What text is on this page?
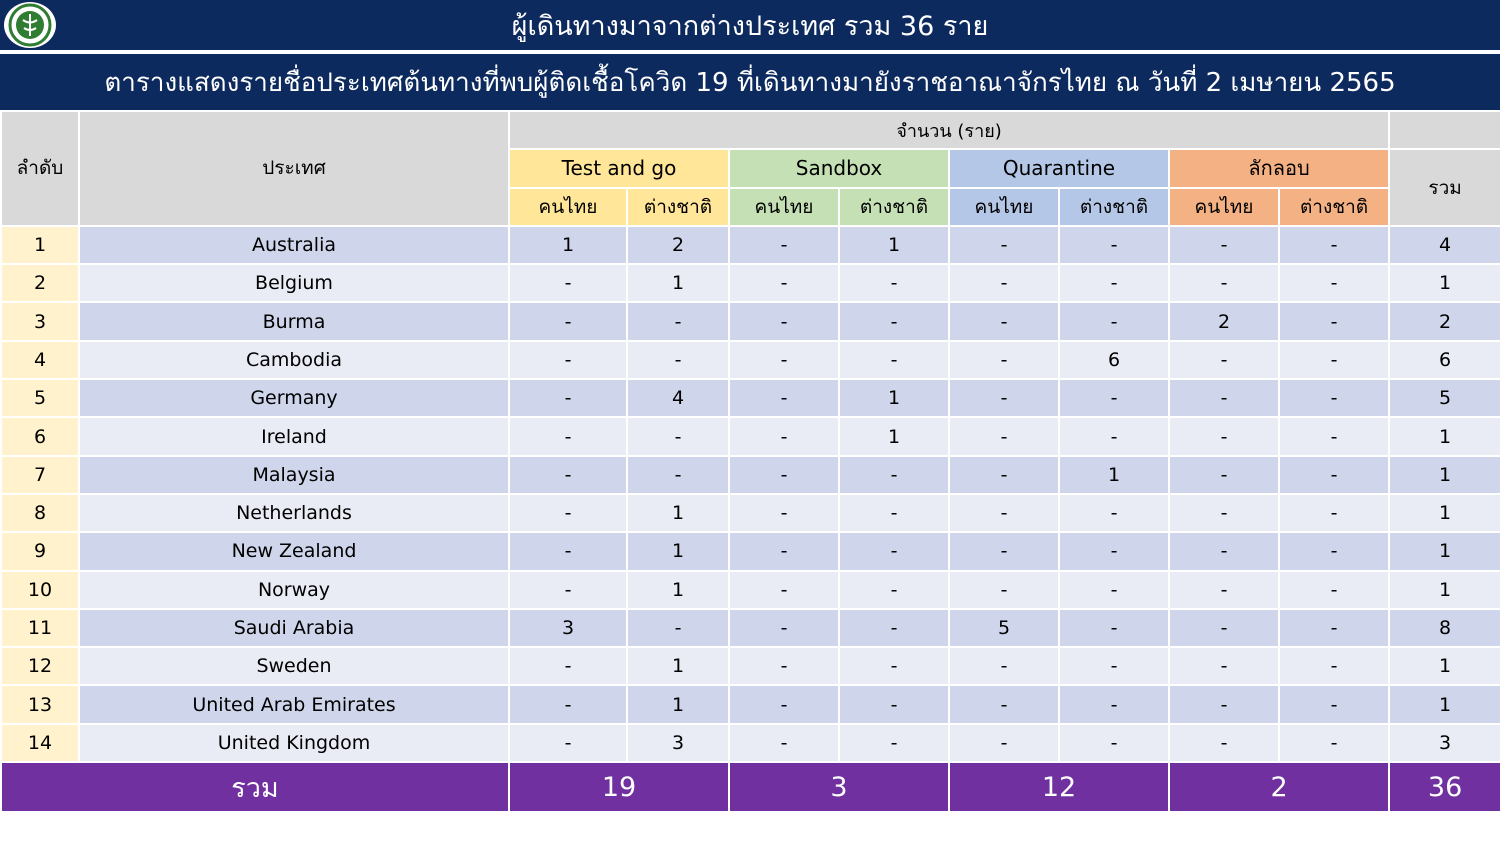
ผู้เดินทางมาจากต่างประเทศ รวม 36 ราย
ตารางแสดงรายชื่อประเทศต้นทางที่พบผู้ติดเชื้อโควิด 19 ที่เดินทางมายังราชอาณาจักรไทย ณ วันที่ 2 เมษายน 2565
ลำดับ	ประเทศ	จำนวน (ราย)								
		Test and go		Sandbox		Quarantine		ลักลอบ		รวม
		คนไทย	ต่างชาติ	คนไทย	ต่างชาติ	คนไทย	ต่างชาติ	คนไทย	ต่างชาติ	
1	Australia	1	2	-	1	-	-	-	-	4
2	Belgium	-	1	-	-	-	-	-	-	1
3	Burma	-	-	-	-	-	-	2	-	2
4	Cambodia	-	-	-	-	-	6	-	-	6
5	Germany	-	4	-	1	-	-	-	-	5
6	Ireland	-	-	-	1	-	-	-	-	1
7	Malaysia	-	-	-	-	-	1	-	-	1
8	Netherlands	-	1	-	-	-	-	-	-	1
9	New Zealand	-	1	-	-	-	-	-	-	1
10	Norway	-	1	-	-	-	-	-	-	1
11	Saudi Arabia	3	-	-	-	5	-	-	-	8
12	Sweden	-	1	-	-	-	-	-	-	1
13	United Arab Emirates	-	1	-	-	-	-	-	-	1
14	United Kingdom	-	3	-	-	-	-	-	-	3
รวม		19		3		12		2		36
